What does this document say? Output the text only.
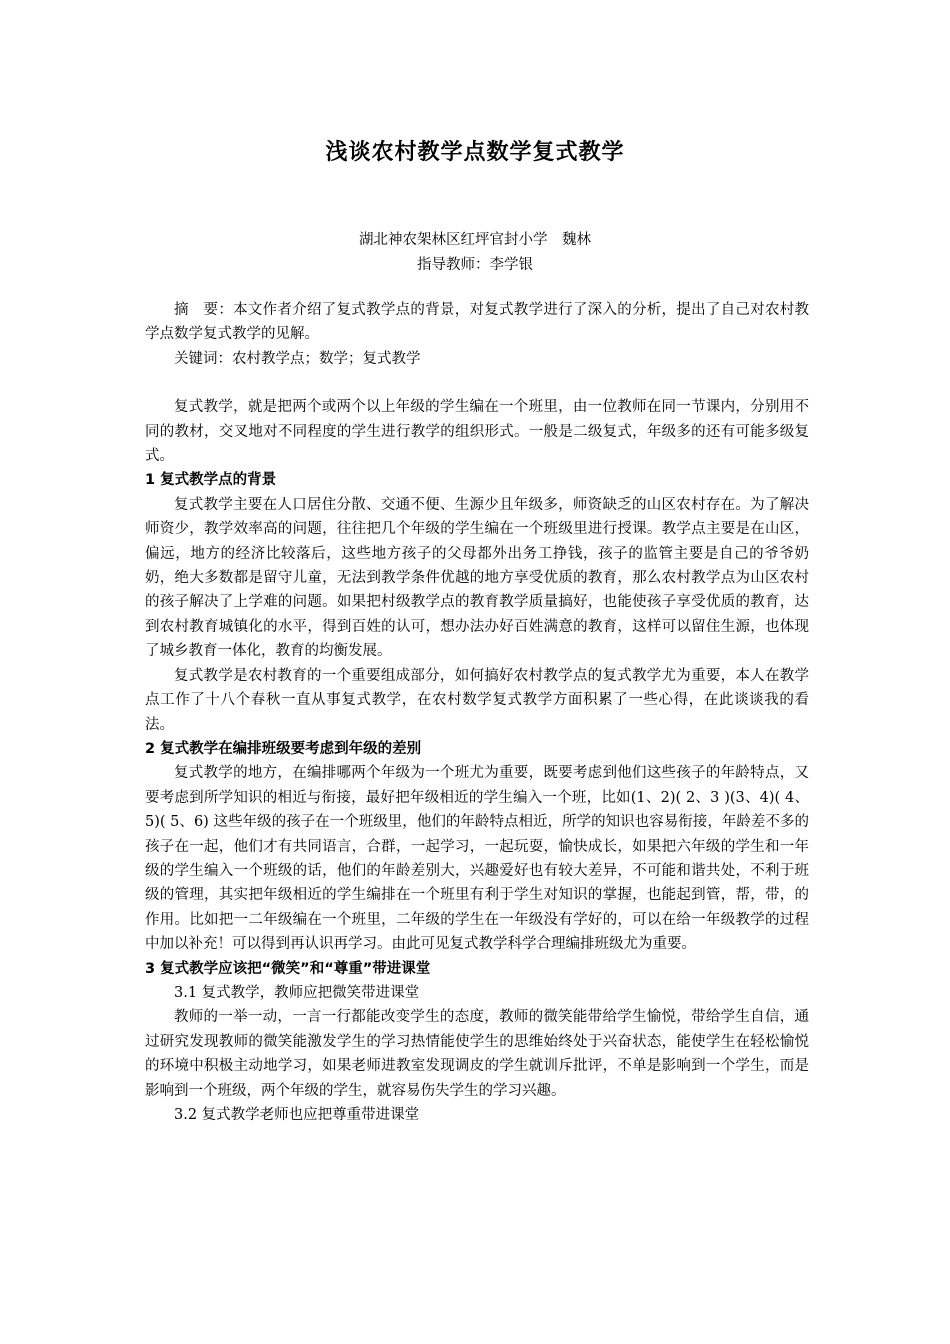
浅谈农村教学点数学复式教学
湖北神农架林区红坪官封小学　魏林
指导教师：李学银

摘　要：本文作者介绍了复式教学点的背景，对复式教学进行了深入的分析，提出了自己对农村教学点数学复式教学的见解。

关键词：农村教学点；数学；复式教学

复式教学，就是把两个或两个以上年级的学生编在一个班里，由一位教师在同一节课内，分别用不同的教材，交叉地对不同程度的学生进行教学的组织形式。一般是二级复式，年级多的还有可能多级复式。

1 复式教学点的背景

复式教学主要在人口居住分散、交通不便、生源少且年级多，师资缺乏的山区农村存在。为了解决师资少，教学效率高的问题，往往把几个年级的学生编在一个班级里进行授课。教学点主要是在山区，偏远，地方的经济比较落后，这些地方孩子的父母都外出务工挣钱，孩子的监管主要是自己的爷爷奶奶，绝大多数都是留守儿童，无法到教学条件优越的地方享受优质的教育，那么农村教学点为山区农村的孩子解决了上学难的问题。如果把村级教学点的教育教学质量搞好，也能使孩子享受优质的教育，达到农村教育城镇化的水平，得到百姓的认可，想办法办好百姓满意的教育，这样可以留住生源，也体现了城乡教育一体化，教育的均衡发展。

复式教学是农村教育的一个重要组成部分，如何搞好农村教学点的复式教学尤为重要，本人在教学点工作了十八个春秋一直从事复式教学，在农村数学复式教学方面积累了一些心得，在此谈谈我的看法。

2 复式教学在编排班级要考虑到年级的差别

复式教学的地方，在编排哪两个年级为一个班尤为重要，既要考虑到他们这些孩子的年龄特点，又要考虑到所学知识的相近与衔接，最好把年级相近的学生编入一个班，比如(1、2)( 2、3 )(3、4)( 4、5)( 5、6) 这些年级的孩子在一个班级里，他们的年龄特点相近，所学的知识也容易衔接，年龄差不多的孩子在一起，他们才有共同语言，合群，一起学习，一起玩耍，愉快成长，如果把六年级的学生和一年级的学生编入一个班级的话，他们的年龄差别大，兴趣爱好也有较大差异，不可能和谐共处，不利于班级的管理，其实把年级相近的学生编排在一个班里有利于学生对知识的掌握，也能起到管，帮，带，的作用。比如把一二年级编在一个班里，二年级的学生在一年级没有学好的，可以在给一年级教学的过程中加以补充！可以得到再认识再学习。由此可见复式教学科学合理编排班级尤为重要。

3 复式教学应该把“微笑”和“尊重”带进课堂
3.1 复式教学，教师应把微笑带进课堂

教师的一举一动，一言一行都能改变学生的态度，教师的微笑能带给学生愉悦，带给学生自信，通过研究发现教师的微笑能激发学生的学习热情能使学生的思维始终处于兴奋状态，能使学生在轻松愉悦的环境中积极主动地学习，如果老师进教室发现调皮的学生就训斥批评，不单是影响到一个学生，而是影响到一个班级，两个年级的学生，就容易伤失学生的学习兴趣。

3.2 复式教学老师也应把尊重带进课堂
